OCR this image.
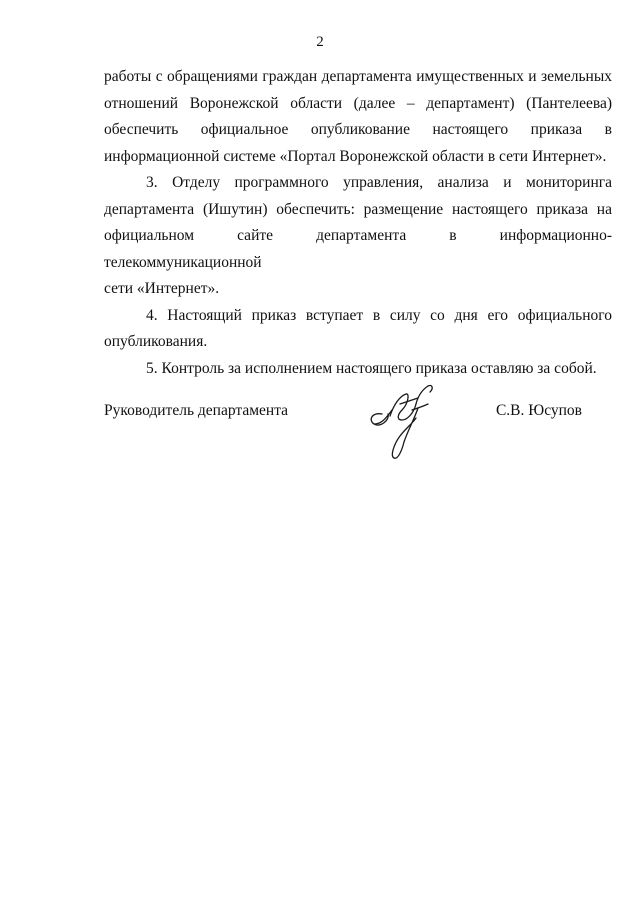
2

работы с обращениями граждан департамента имущественных и земельных

отношений Воронежской области (далее – департамент) (Пантелеева)

обеспечить официальное опубликование настоящего приказа в

информационной системе «Портал Воронежской области в сети Интернет».

3. Отделу программного управления, анализа и мониторинга

департамента (Ишутин) обеспечить: размещение настоящего приказа на

официальном сайте департамента в информационно-телекоммуникационной

сети «Интернет».

4. Настоящий приказ вступает в силу со дня его официального

опубликования.

5. Контроль за исполнением настоящего приказа оставляю за собой.

Руководитель департамента	С.В. Юсупов
